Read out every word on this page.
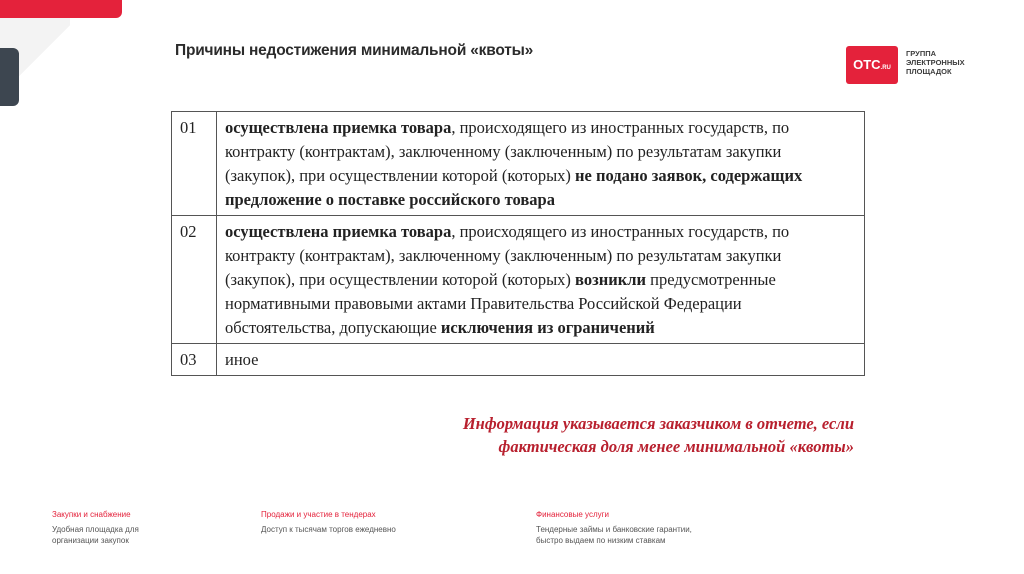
Причины недостижения минимальной «квоты»
ОТС.RU
ГРУППА
ЭЛЕКТРОННЫХ
ПЛОЩАДОК
01	осуществлена приемка товара, происходящего из иностранных государств, по контракту (контрактам), заключенному (заключенным) по результатам закупки (закупок), при осуществлении которой (которых) не подано заявок, содержащих предложение о поставке российского товара
02	осуществлена приемка товара, происходящего из иностранных государств, по контракту (контрактам), заключенному (заключенным) по результатам закупки (закупок), при осуществлении которой (которых) возникли предусмотренные нормативными правовыми актами Правительства Российской Федерации обстоятельства, допускающие исключения из ограничений
03	иное
Информация указывается заказчиком в отчете, если
фактическая доля менее минимальной «квоты»
Закупки и снабжение
Удобная площадка для
организации закупок
Продажи и участие в тендерах
Доступ к тысячам торгов ежедневно
Финансовые услуги
Тендерные займы и банковские гарантии,
быстро выдаем по низким ставкам
